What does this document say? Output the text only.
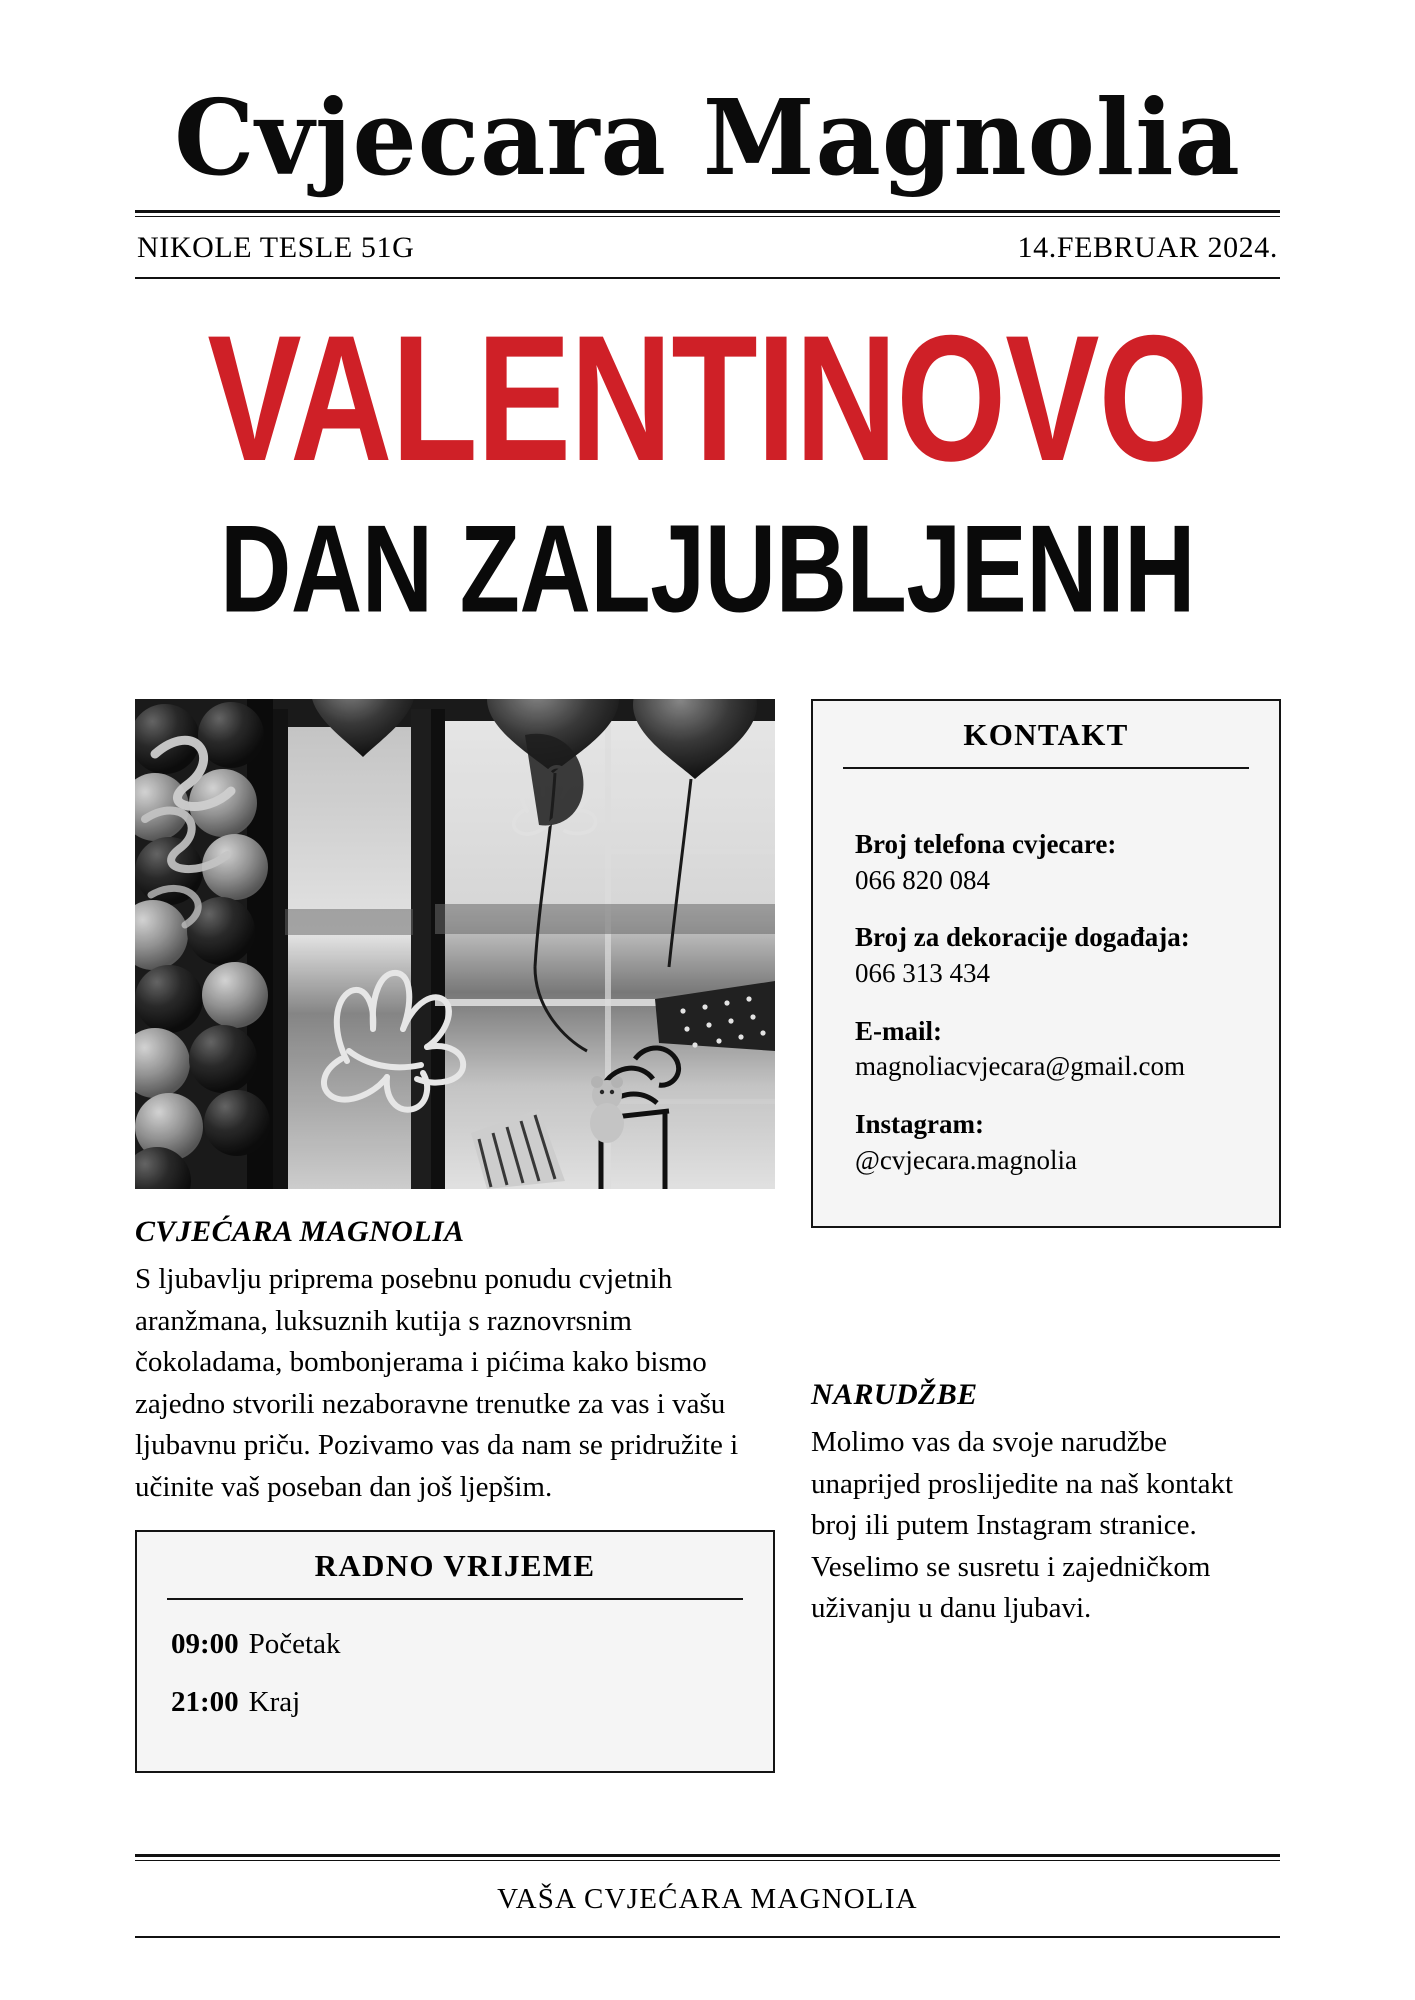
Cvjecara Magnolia
NIKOLE TESLE 51G	14.FEBRUAR 2024.
VALENTINOVO
DAN ZALJUBLJENIH
CVJEĆARA MAGNOLIA
S ljubavlju priprema posebnu ponudu cvjetnih aranžmana, luksuznih kutija s raznovrsnim čokoladama, bombonjerama i pićima kako bismo zajedno stvorili nezaboravne trenutke za vas i vašu ljubavnu priču. Pozivamo vas da nam se pridružite i učinite vaš poseban dan još ljepšim.
RADNO VRIJEME
09:00 Početak
21:00 Kraj
KONTAKT
Broj telefona cvjecare:
066 820 084
Broj za dekoracije događaja:
066 313 434
E-mail:
magnoliacvjecara@gmail.com
Instagram:
@cvjecara.magnolia
NARUDŽBE
Molimo vas da svoje narudžbe unaprijed proslijedite na naš kontakt broj ili putem Instagram stranice. Veselimo se susretu i zajedničkom uživanju u danu ljubavi.
VAŠA CVJEĆARA MAGNOLIA
